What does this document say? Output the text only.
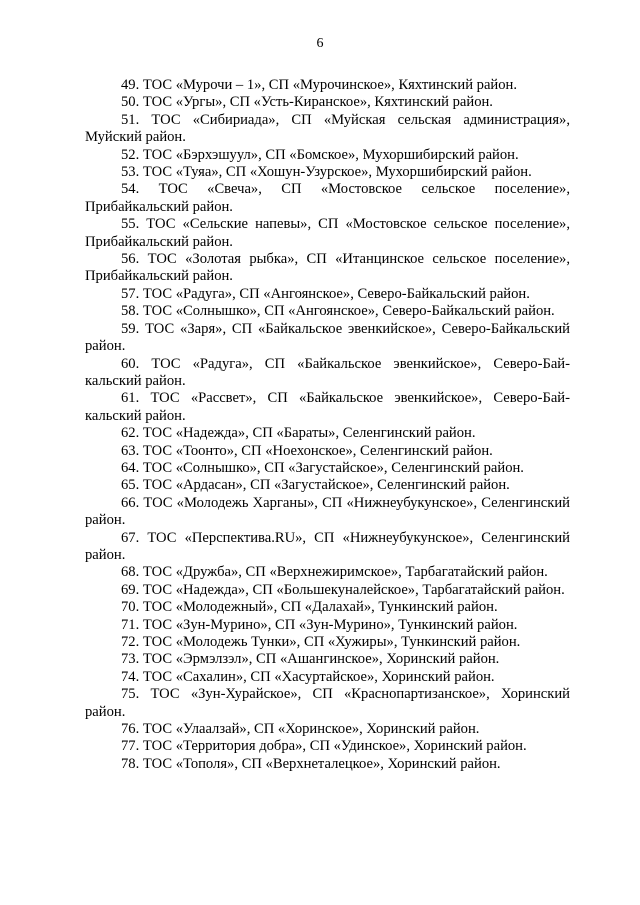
6

49. ТОС «Мурочи – 1», СП «Мурочинское», Кяхтинский район.

50. ТОС «Ургы», СП «Усть-Киранское», Кяхтинский район.

51. ТОС «Сибириада», СП «Муйская сельская администрация», Муйский район.

52. ТОС «Бэрхэшуул», СП «Бомское», Мухоршибирский район.

53. ТОС «Туяа», СП «Хошун-Узурское», Мухоршибирский район.

54. ТОС «Свеча», СП «Мостовское сельское поселение», Прибайкальский район.

55. ТОС «Сельские напевы», СП «Мостовское сельское поселение», Прибайкальский район.

56. ТОС «Золотая рыбка», СП «Итанцинское сельское поселение», Прибайкальский район.

57. ТОС «Радуга», СП «Ангоянское», Северо-Байкальский район.

58. ТОС «Солнышко», СП «Ангоянское», Северо-Байкальский район.

59. ТОС «Заря», СП «Байкальское эвенкийское», Северо-Байкальский район.

60. ТОС «Радуга», СП «Байкальское эвенкийское», Северо-Байкальский район.

61. ТОС «Рассвет», СП «Байкальское эвенкийское», Северо-Байкальский район.

62. ТОС «Надежда», СП «Бараты», Селенгинский район.

63. ТОС «Тоонто», СП «Ноехонское», Селенгинский район.

64. ТОС «Солнышко», СП «Загустайское», Селенгинский район.

65. ТОС «Ардасан», СП «Загустайское», Селенгинский район.

66. ТОС «Молодежь Харганы», СП «Нижнеубукунское», Селенгинский район.

67. ТОС «Перспектива.RU», СП «Нижнеубукунское», Селенгинский район.

68. ТОС «Дружба», СП «Верхнежиримское», Тарбагатайский район.

69. ТОС «Надежда», СП «Большекуналейское», Тарбагатайский район.

70. ТОС «Молодежный», СП «Далахай», Тункинский район.

71. ТОС «Зун-Мурино», СП «Зун-Мурино», Тункинский район.

72. ТОС «Молодежь Тунки», СП «Хужиры», Тункинский район.

73. ТОС «Эрмэлзэл», СП «Ашангинское», Хоринский район.

74. ТОС «Сахалин», СП «Хасуртайское», Хоринский район.

75. ТОС «Зун-Хурайское», СП «Краснопартизанское», Хоринский район.

76. ТОС «Улаалзай», СП «Хоринское», Хоринский район.

77. ТОС «Территория добра», СП «Удинское», Хоринский район.

78. ТОС «Тополя», СП «Верхнеталецкое», Хоринский район.
